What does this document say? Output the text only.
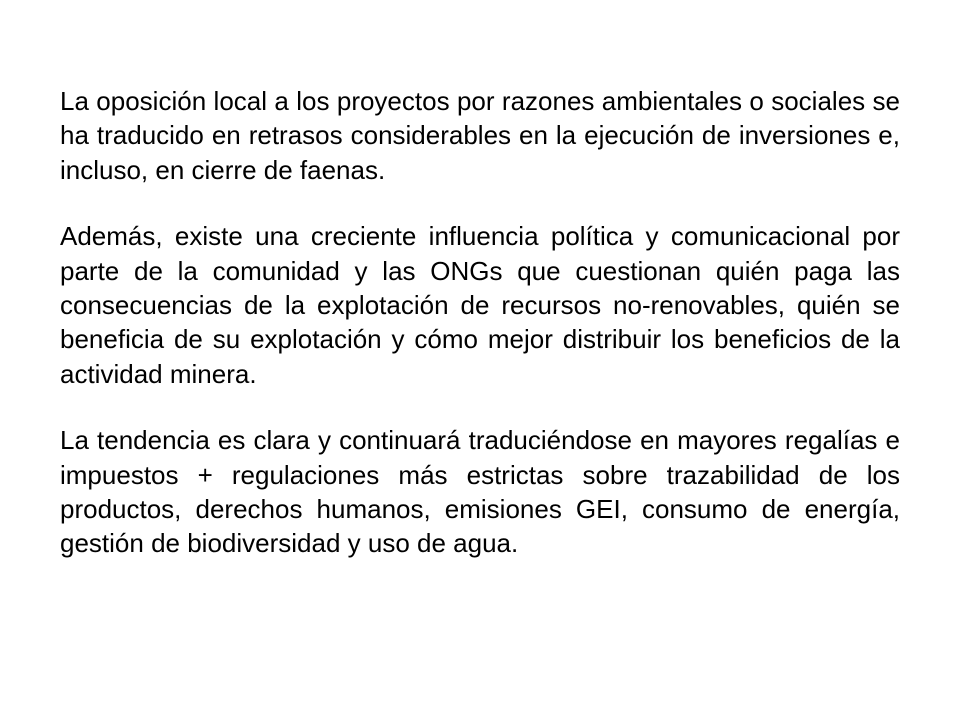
La oposición local a los proyectos por razones ambientales o sociales se ha traducido en retrasos considerables en la ejecución de inversiones e, incluso, en cierre de faenas.

Además, existe una creciente influencia política y comunicacional por parte de la comunidad y las ONGs que cuestionan quién paga las consecuencias de la explotación de recursos no-renovables, quién se beneficia de su explotación y cómo mejor distribuir los beneficios de la actividad minera.

La tendencia es clara y continuará traduciéndose en mayores regalías e impuestos + regulaciones más estrictas sobre trazabilidad de los productos, derechos humanos, emisiones GEI, consumo de energía, gestión de biodiversidad y uso de agua.
